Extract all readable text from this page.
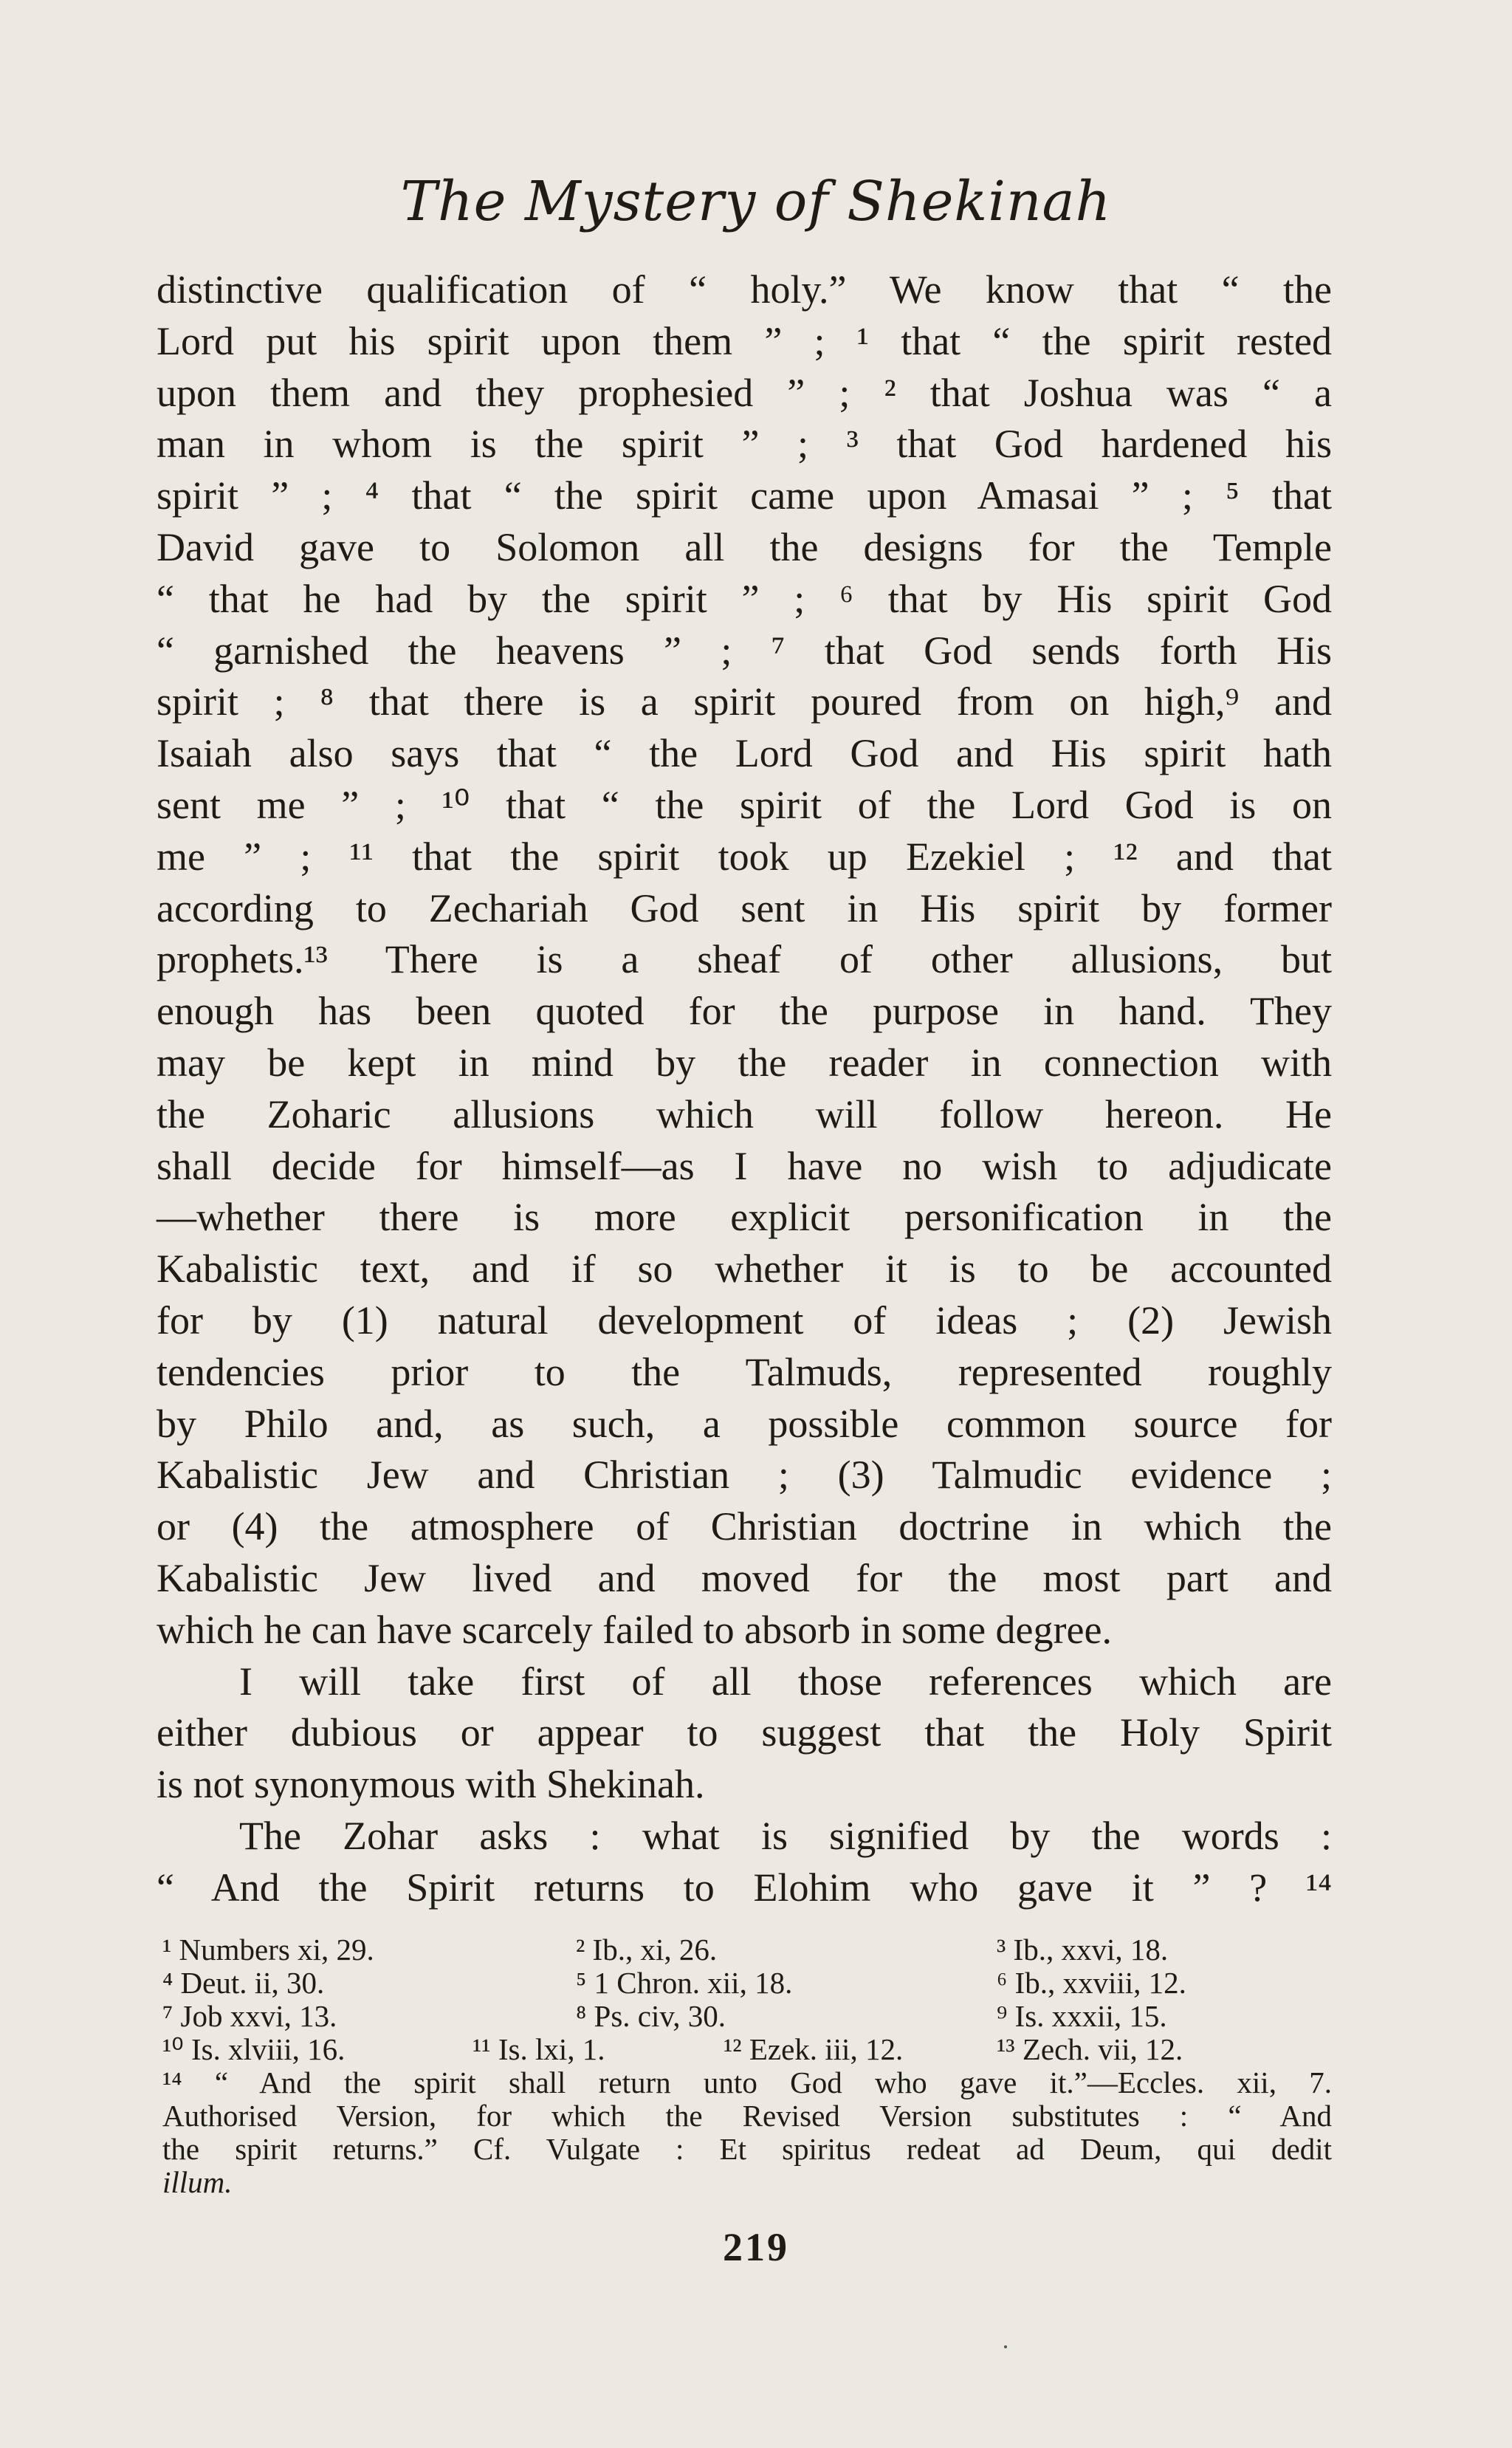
The Mystery of Shekinah
distinctive qualification of “ holy.” We know that “ the
Lord put his spirit upon them ” ; ¹ that “ the spirit rested
upon them and they prophesied ” ; ² that Joshua was “ a
man in whom is the spirit ” ; ³ that God hardened his
spirit ” ; ⁴ that “ the spirit came upon Amasai ” ; ⁵ that
David gave to Solomon all the designs for the Temple
“ that he had by the spirit ” ; ⁶ that by His spirit God
“ garnished the heavens ” ; ⁷ that God sends forth His
spirit ; ⁸ that there is a spirit poured from on high,⁹ and
Isaiah also says that “ the Lord God and His spirit hath
sent me ” ; ¹⁰ that “ the spirit of the Lord God is on
me ” ; ¹¹ that the spirit took up Ezekiel ; ¹² and that
according to Zechariah God sent in His spirit by former
prophets.¹³ There is a sheaf of other allusions, but
enough has been quoted for the purpose in hand. They
may be kept in mind by the reader in connection with
the Zoharic allusions which will follow hereon. He
shall decide for himself—as I have no wish to adjudicate
—whether there is more explicit personification in the
Kabalistic text, and if so whether it is to be accounted
for by (1) natural development of ideas ; (2) Jewish
tendencies prior to the Talmuds, represented roughly
by Philo and, as such, a possible common source for
Kabalistic Jew and Christian ; (3) Talmudic evidence ;
or (4) the atmosphere of Christian doctrine in which the
Kabalistic Jew lived and moved for the most part and
which he can have scarcely failed to absorb in some degree.
I will take first of all those references which are
either dubious or appear to suggest that the Holy Spirit
is not synonymous with Shekinah.
The Zohar asks : what is signified by the words :
“ And the Spirit returns to Elohim who gave it ” ? ¹⁴
¹ Numbers xi, 29.	² Ib., xi, 26.	³ Ib., xxvi, 18.
⁴ Deut. ii, 30.	⁵ 1 Chron. xii, 18.	⁶ Ib., xxviii, 12.
⁷ Job xxvi, 13.	⁸ Ps. civ, 30.	⁹ Is. xxxii, 15.
¹⁰ Is. xlviii, 16.	¹¹ Is. lxi, 1.	¹² Ezek. iii, 12.	¹³ Zech. vii, 12.
¹⁴ “ And the spirit shall return unto God who gave it.”—Eccles. xii, 7.
Authorised Version, for which the Revised Version substitutes : “ And
the spirit returns.” Cf. Vulgate : Et spiritus redeat ad Deum, qui dedit
illum.
219
